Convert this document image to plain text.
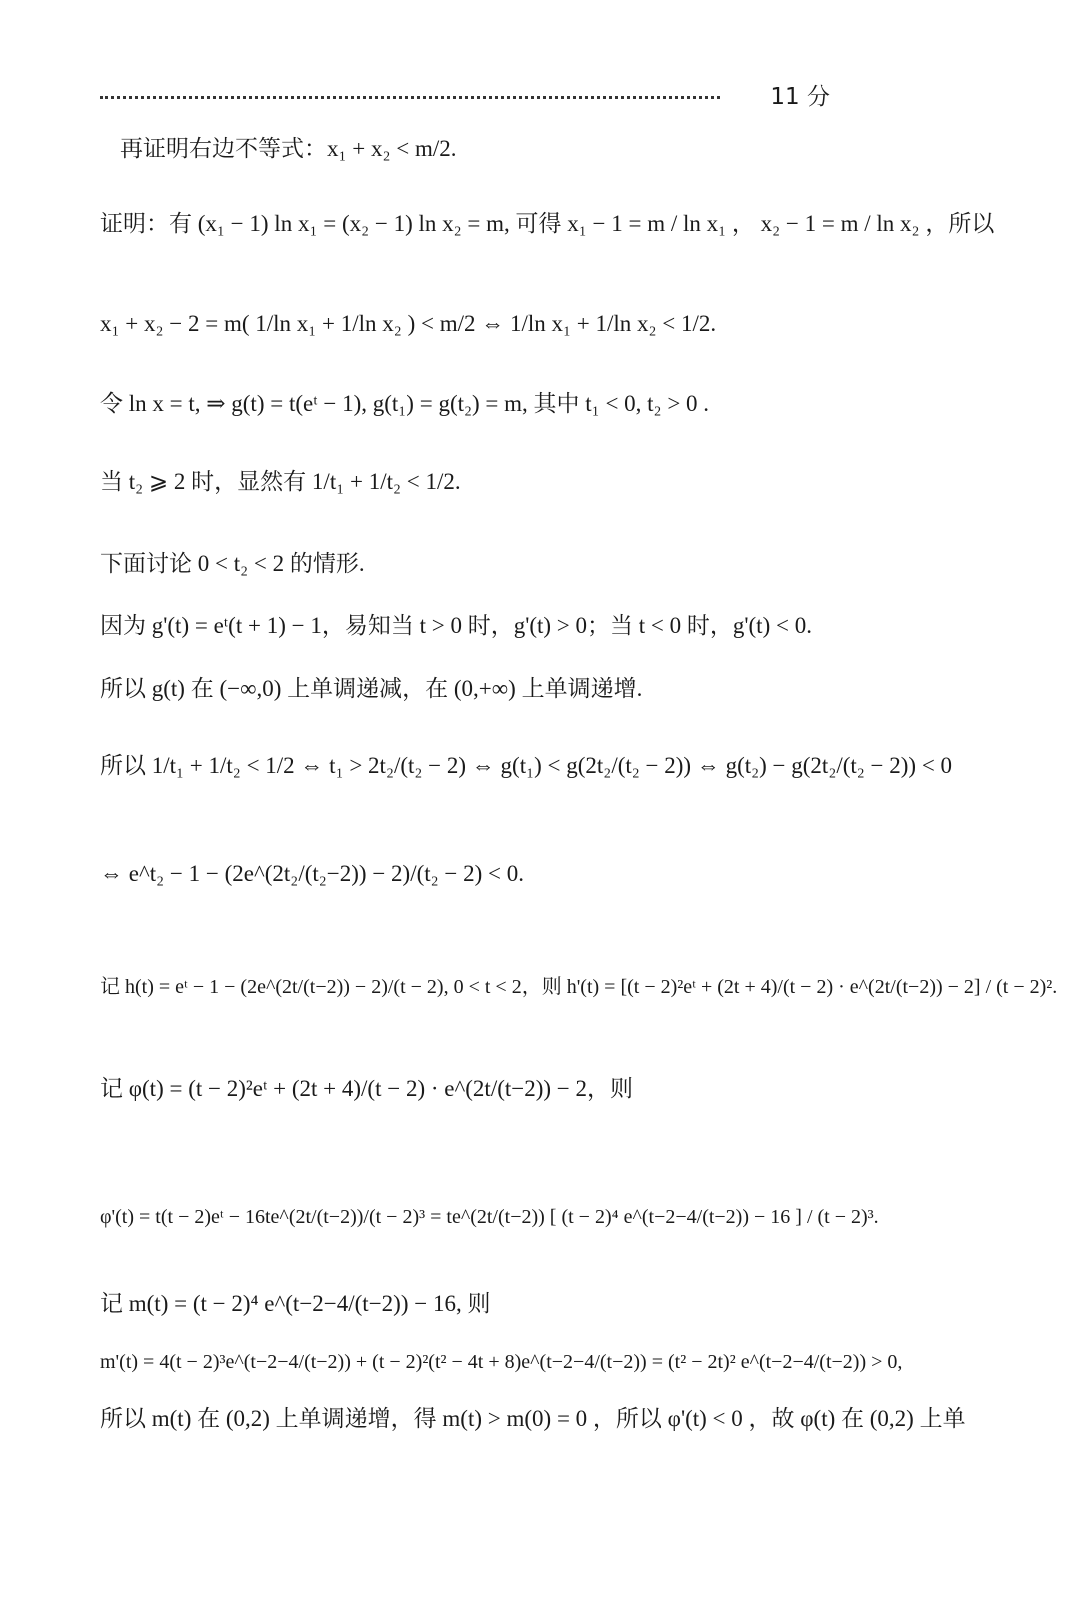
11 分
再证明右边不等式：x₁ + x₂ < m/2.
证明：有 (x₁ − 1) ln x₁ = (x₂ − 1) ln x₂ = m, 可得 x₁ − 1 = m / ln x₁ ， x₂ − 1 = m / ln x₂ ，所以
x₁ + x₂ − 2 = m( 1/ln x₁ + 1/ln x₂ ) < m/2 ⇔ 1/ln x₁ + 1/ln x₂ < 1/2.
令 ln x = t, ⇒ g(t) = t(eᵗ − 1), g(t₁) = g(t₂) = m, 其中 t₁ < 0, t₂ > 0 .
当 t₂ ⩾ 2 时，显然有 1/t₁ + 1/t₂ < 1/2.
下面讨论 0 < t₂ < 2 的情形.
因为 g'(t) = eᵗ(t + 1) − 1，易知当 t > 0 时，g'(t) > 0；当 t < 0 时，g'(t) < 0.
所以 g(t) 在 (−∞,0) 上单调递减，在 (0,+∞) 上单调递增.
所以 1/t₁ + 1/t₂ < 1/2 ⇔ t₁ > 2t₂/(t₂ − 2) ⇔ g(t₁) < g(2t₂/(t₂ − 2)) ⇔ g(t₂) − g(2t₂/(t₂ − 2)) < 0
⇔ e^t₂ − 1 − (2e^(2t₂/(t₂−2)) − 2)/(t₂ − 2) < 0.
记 h(t) = eᵗ − 1 − (2e^(2t/(t−2)) − 2)/(t − 2), 0 < t < 2，则 h'(t) = [(t − 2)²eᵗ + (2t + 4)/(t − 2) · e^(2t/(t−2)) − 2] / (t − 2)².
记 φ(t) = (t − 2)²eᵗ + (2t + 4)/(t − 2) · e^(2t/(t−2)) − 2，则
φ'(t) = t(t − 2)eᵗ − 16te^(2t/(t−2))/(t − 2)³ = te^(2t/(t−2)) [ (t − 2)⁴ e^(t−2−4/(t−2)) − 16 ] / (t − 2)³.
记 m(t) = (t − 2)⁴ e^(t−2−4/(t−2)) − 16, 则
m'(t) = 4(t − 2)³e^(t−2−4/(t−2)) + (t − 2)²(t² − 4t + 8)e^(t−2−4/(t−2)) = (t² − 2t)² e^(t−2−4/(t−2)) > 0,
所以 m(t) 在 (0,2) 上单调递增，得 m(t) > m(0) = 0 ，所以 φ'(t) < 0 ，故 φ(t) 在 (0,2) 上单
